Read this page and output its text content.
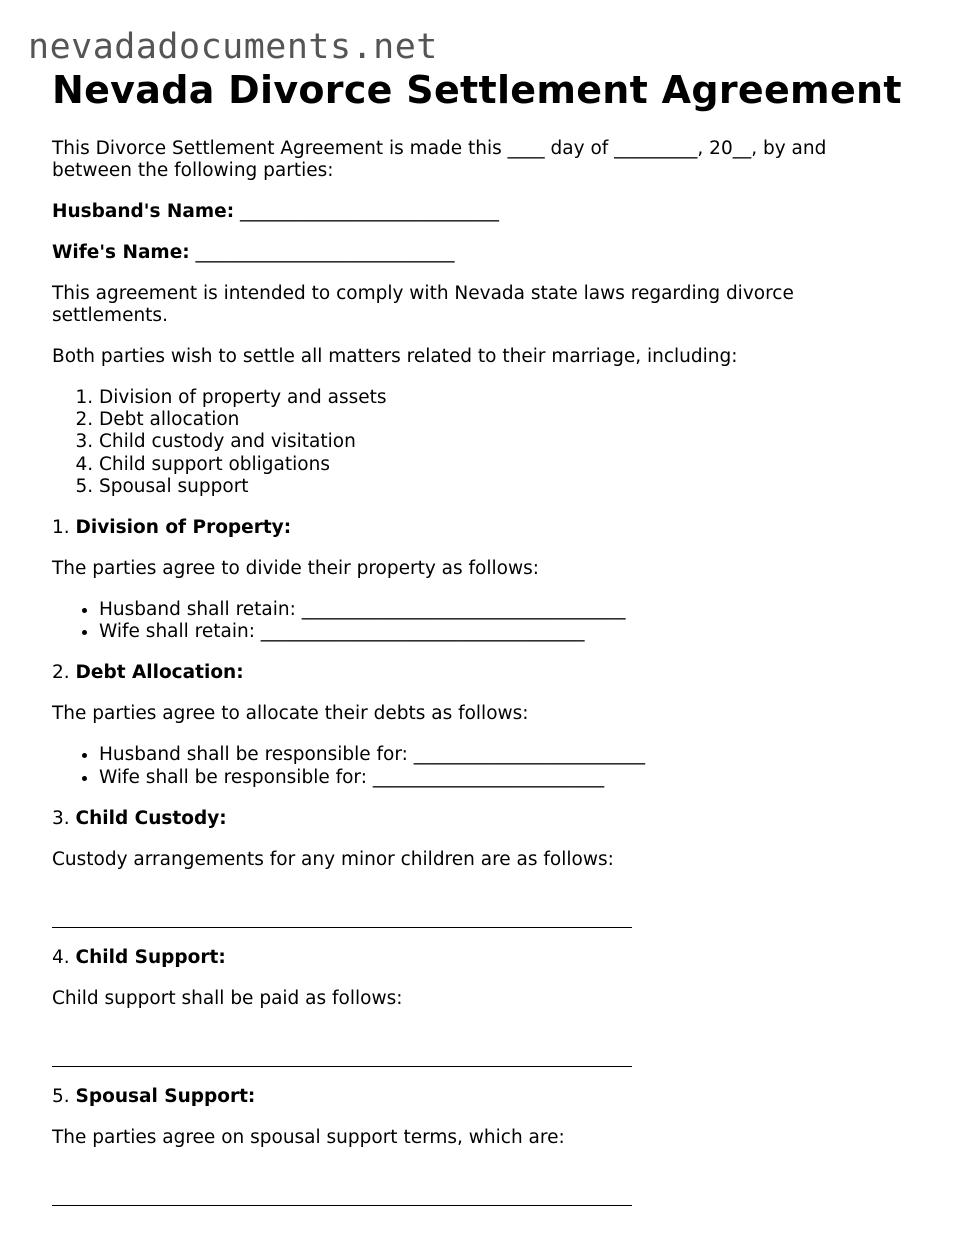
nevadadocuments.net
Nevada Divorce Settlement Agreement

This Divorce Settlement Agreement is made this ____ day of _________, 20__, by and between the following parties:

Husband's Name: ____________________________

Wife's Name: ____________________________

This agreement is intended to comply with Nevada state laws regarding divorce settlements.

Both parties wish to settle all matters related to their marriage, including:

1. Division of property and assets
2. Debt allocation
3. Child custody and visitation
4. Child support obligations
5. Spousal support

1. Division of Property:

The parties agree to divide their property as follows:

• Husband shall retain: ___________________________________
• Wife shall retain: ___________________________________

2. Debt Allocation:

The parties agree to allocate their debts as follows:

• Husband shall be responsible for: _________________________
• Wife shall be responsible for: _________________________

3. Child Custody:

Custody arrangements for any minor children are as follows:

4. Child Support:

Child support shall be paid as follows:

5. Spousal Support:

The parties agree on spousal support terms, which are:
